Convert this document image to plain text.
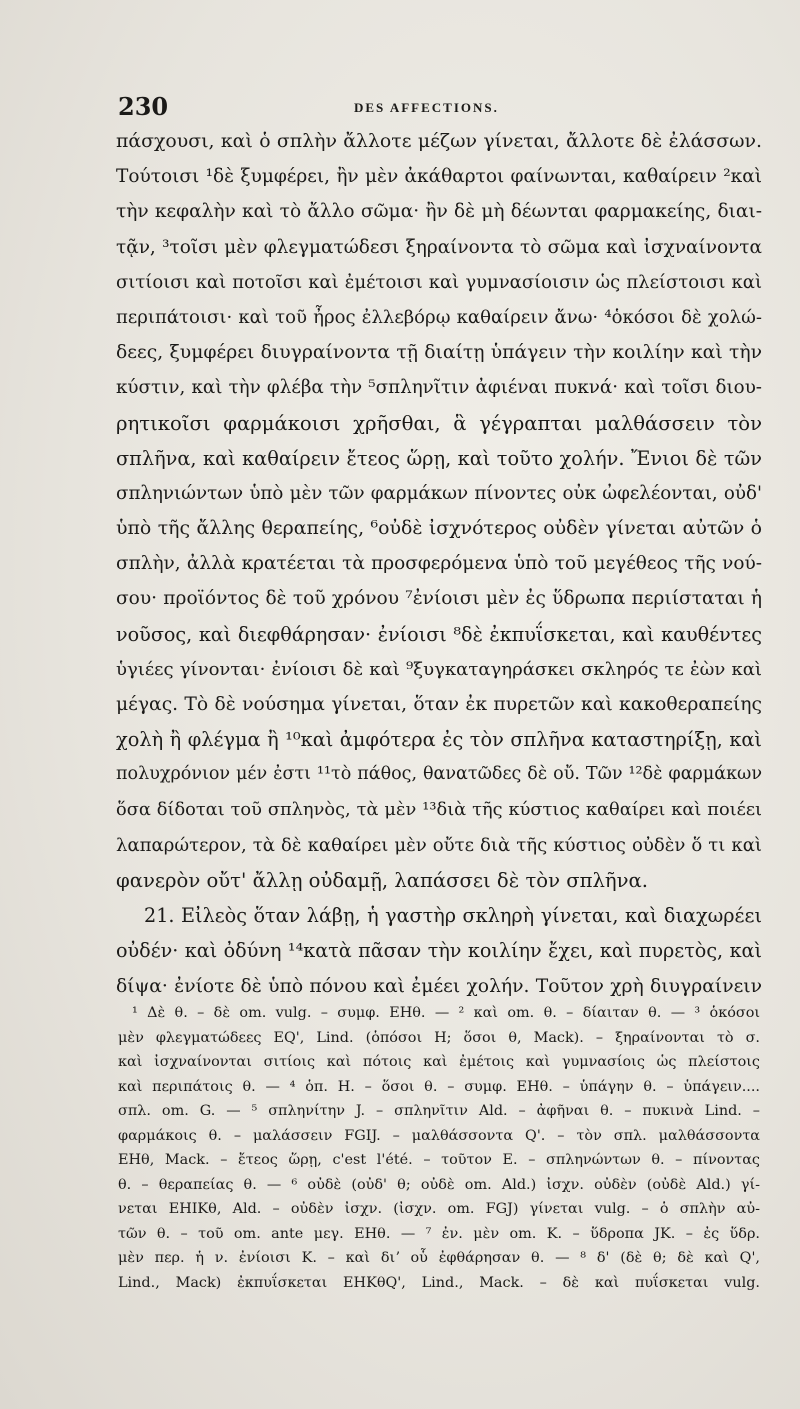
230	DES AFFECTIONS.
πάσχουσι, καὶ ὁ σπλὴν ἄλλοτε μέζων γίνεται, ἄλλοτε δὲ ἐλάσσων.
Τούτοισι ¹δὲ ξυμφέρει, ἢν μὲν ἀκάθαρτοι φαίνωνται, καθαίρειν ²καὶ
τὴν κεφαλὴν καὶ τὸ ἄλλο σῶμα· ἢν δὲ μὴ δέωνται φαρμακείης, διαι-
τᾷν, ³τοῖσι μὲν φλεγματώδεσι ξηραίνοντα τὸ σῶμα καὶ ἰσχναίνοντα
σιτίοισι καὶ ποτοῖσι καὶ ἐμέτοισι καὶ γυμνασίοισιν ὡς πλείστοισι καὶ
περιπάτοισι· καὶ τοῦ ἦρος ἐλλεβόρῳ καθαίρειν ἄνω· ⁴ὁκόσοι δὲ χολώ-
δεες, ξυμφέρει διυγραίνοντα τῇ διαίτῃ ὑπάγειν τὴν κοιλίην καὶ τὴν
κύστιν, καὶ τὴν φλέβα τὴν ⁵σπληνῖτιν ἀφιέναι πυκνά· καὶ τοῖσι διου-
ρητικοῖσι φαρμάκοισι χρῆσθαι, ἃ γέγραπται μαλθάσσειν τὸν
σπλῆνα, καὶ καθαίρειν ἔτεος ὥρῃ, καὶ τοῦτο χολήν. Ἔνιοι δὲ τῶν
σπληνιώντων ὑπὸ μὲν τῶν φαρμάκων πίνοντες οὐκ ὠφελέονται, οὐδ'
ὑπὸ τῆς ἄλλης θεραπείης, ⁶οὐδὲ ἰσχνότερος οὐδὲν γίνεται αὐτῶν ὁ
σπλὴν, ἀλλὰ κρατέεται τὰ προσφερόμενα ὑπὸ τοῦ μεγέθεος τῆς νού-
σου· προϊόντος δὲ τοῦ χρόνου ⁷ἐνίοισι μὲν ἐς ὕδρωπα περιίσταται ἡ
νοῦσος, καὶ διεφθάρησαν· ἐνίοισι ⁸δὲ ἐκπυΐσκεται, καὶ καυθέντες
ὑγιέες γίνονται· ἐνίοισι δὲ καὶ ⁹ξυγκαταγηράσκει σκληρός τε ἐὼν καὶ
μέγας. Τὸ δὲ νούσημα γίνεται, ὅταν ἐκ πυρετῶν καὶ κακοθεραπείης
χολὴ ἢ φλέγμα ἢ ¹⁰καὶ ἀμφότερα ἐς τὸν σπλῆνα καταστηρίξῃ, καὶ
πολυχρόνιον μέν ἐστι ¹¹τὸ πάθος, θανατῶδες δὲ οὔ. Τῶν ¹²δὲ φαρμάκων
ὅσα δίδοται τοῦ σπληνὸς, τὰ μὲν ¹³διὰ τῆς κύστιος καθαίρει καὶ ποιέει
λαπαρώτερον, τὰ δὲ καθαίρει μὲν οὔτε διὰ τῆς κύστιος οὐδὲν ὅ τι καὶ
φανερὸν οὔτ' ἄλλῃ οὐδαμῇ, λαπάσσει δὲ τὸν σπλῆνα.
21. Εἰλεὸς ὅταν λάβῃ, ἡ γαστὴρ σκληρὴ γίνεται, καὶ διαχωρέει
οὐδέν· καὶ ὀδύνη ¹⁴κατὰ πᾶσαν τὴν κοιλίην ἔχει, καὶ πυρετὸς, καὶ
δίψα· ἐνίοτε δὲ ὑπὸ πόνου καὶ ἐμέει χολήν. Τοῦτον χρὴ διυγραίνειν
¹ Δὲ θ. – δὲ om. vulg. – συμφ. EHθ. — ² καὶ om. θ. – δίαιταν θ. — ³ ὁκόσοι
μὲν φλεγματώδεες EQ', Lind. (ὁπόσοι H; ὅσοι θ, Mack). – ξηραίνονται τὸ σ.
καὶ ἰσχναίνονται σιτίοις καὶ πότοις καὶ ἐμέτοις καὶ γυμνασίοις ὡς πλείστοις
καὶ περιπάτοις θ. — ⁴ ὁπ. H. – ὅσοι θ. – συμφ. EHθ. – ὑπάγην θ. – ὑπάγειν....
σπλ. om. G. — ⁵ σπληνίτην J. – σπληνῖτιν Ald. – ἀφῆναι θ. – πυκινὰ Lind. –
φαρμάκοις θ. – μαλάσσειν FGIJ. – μαλθάσσοντα Q'. – τὸν σπλ. μαλθάσσοντα
EHθ, Mack. – ἔτεος ὥρῃ, c'est l'été. – τοῦτον E. – σπληνώντων θ. – πίνοντας
θ. – θεραπείας θ. — ⁶ οὐδὲ (οὐδ' θ; οὐδὲ om. Ald.) ἰσχν. οὐδὲν (οὐδὲ Ald.) γί-
νεται EHIKθ, Ald. – οὐδὲν ἰσχν. (ἰσχν. om. FGJ) γίνεται vulg. – ὁ σπλὴν αὐ-
τῶν θ. – τοῦ om. ante μεγ. EHθ. — ⁷ ἐν. μὲν om. K. – ὕδροπα JK. – ἐς ὕδρ.
μὲν περ. ἡ ν. ἐνίοισι K. – καὶ διʼ οὗ ἐφθάρησαν θ. — ⁸ δ' (δὲ θ; δὲ καὶ Q',
Lind., Mack) ἐκπυΐσκεται EHKθQ', Lind., Mack. – δὲ καὶ πυΐσκεται vulg.
